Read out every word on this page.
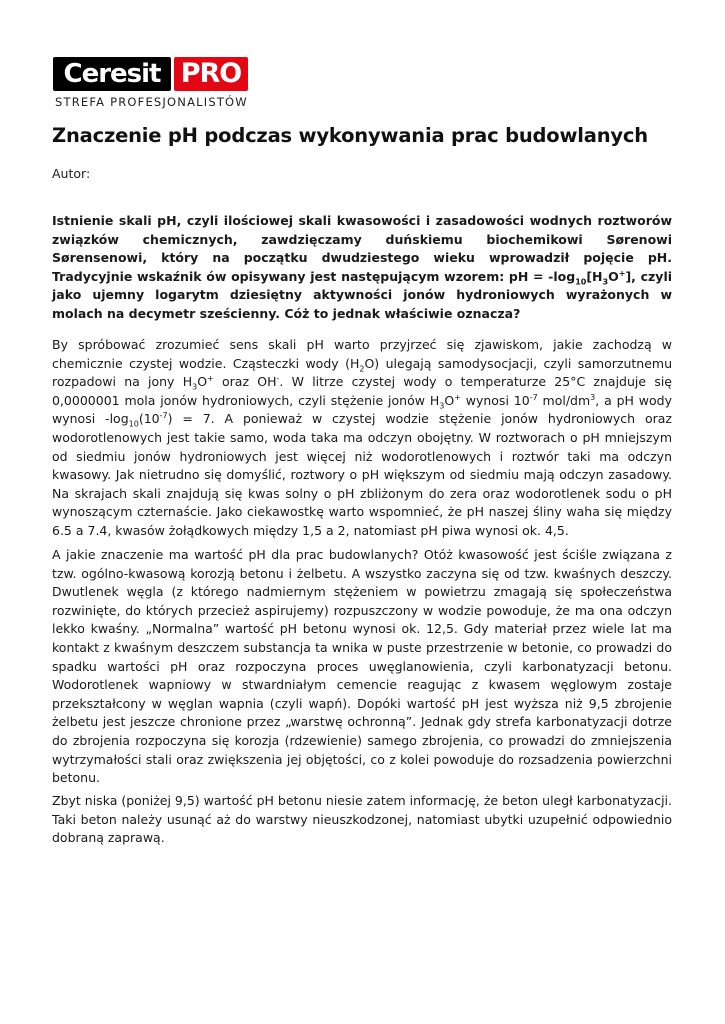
Ceresit PRO
STREFA PROFESJONALISTÓW
Znaczenie pH podczas wykonywania prac budowlanych
Autor:

Istnienie skali pH, czyli ilościowej skali kwasowości i zasadowości wodnych roztworów związków chemicznych, zawdzięczamy duńskiemu biochemikowi Sørenowi Sørensenowi, który na początku dwudziestego wieku wprowadził pojęcie pH. Tradycyjnie wskaźnik ów opisywany jest następującym wzorem: pH = $-\log_{10}[H_3O^+]$, czyli jako ujemny logarytm dziesiętny aktywności jonów hydroniowych wyrażonych w molach na decymetr sześcienny. Cóż to jednak właściwie oznacza?

By spróbować zrozumieć sens skali pH warto przyjrzeć się zjawiskom, jakie zachodzą w chemicznie czystej wodzie. Cząsteczki wody $(H_2O)$ ulegają samodysocjacji, czyli samorzutnemu rozpadowi na jony $H_3O^+$ oraz OH-. W litrze czystej wody o temperaturze 25°C znajduje się 0,0000001 mola jonów hydroniowych, czyli stężenie jonów $H_3O^+$ wynosi $10^{-7}$ mol/$dm^3$, a pH wody wynosi $-\log_{10}(10^{-7}) = 7$. A ponieważ w czystej wodzie stężenie jonów hydroniowych oraz wodorotlenowych jest takie samo, woda taka ma odczyn obojętny. W roztworach o pH mniejszym od siedmiu jonów hydroniowych jest więcej niż wodorotlenowych i roztwór taki ma odczyn kwasowy. Jak nietrudno się domyślić, roztwory o pH większym od siedmiu mają odczyn zasadowy. Na skrajach skali znajdują się kwas solny o pH zbliżonym do zera oraz wodorotlenek sodu o pH wynoszącym czternaście. Jako ciekawostkę warto wspomnieć, że pH naszej śliny waha się między 6.5 a 7.4, kwasów żołądkowych między 1,5 a 2, natomiast pH piwa wynosi ok. 4,5.

A jakie znaczenie ma wartość pH dla prac budowlanych? Otóż kwasowość jest ściśle związana z tzw. ogólno-kwasową korozją betonu i żelbetu. A wszystko zaczyna się od tzw. kwaśnych deszczy. Dwutlenek węgla (z którego nadmiernym stężeniem w powietrzu zmagają się społeczeństwa rozwinięte, do których przecież aspirujemy) rozpuszczony w wodzie powoduje, że ma ona odczyn lekko kwaśny. „Normalna” wartość pH betonu wynosi ok. 12,5. Gdy materiał przez wiele lat ma kontakt z kwaśnym deszczem substancja ta wnika w puste przestrzenie w betonie, co prowadzi do spadku wartości pH oraz rozpoczyna proces uwęglanowienia, czyli karbonatyzacji betonu. Wodorotlenek wapniowy w stwardniałym cemencie reagując z kwasem węglowym zostaje przekształcony w węglan wapnia (czyli wapń). Dopóki wartość pH jest wyższa niż 9,5 zbrojenie żelbetu jest jeszcze chronione przez „warstwę ochronną”. Jednak gdy strefa karbonatyzacji dotrze do zbrojenia rozpoczyna się korozja (rdzewienie) samego zbrojenia, co prowadzi do zmniejszenia wytrzymałości stali oraz zwiększenia jej objętości, co z kolei powoduje do rozsadzenia powierzchni betonu.

Zbyt niska (poniżej 9,5) wartość pH betonu niesie zatem informację, że beton uległ karbonatyzacji. Taki beton należy usunąć aż do warstwy nieuszkodzonej, natomiast ubytki uzupełnić odpowiednio dobraną zaprawą.
